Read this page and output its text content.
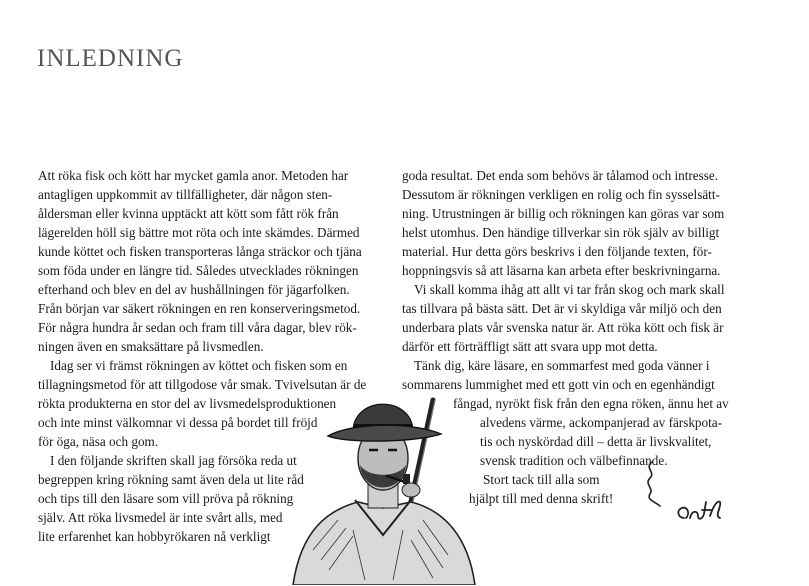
INLEDNING
Att röka fisk och kött har mycket gamla anor. Metoden har
antagligen uppkommit av tillfälligheter, där någon sten-
åldersman eller kvinna upptäckt att kött som fått rök från
lägerelden höll sig bättre mot röta och inte skämdes. Därmed
kunde köttet och fisken transporteras långa sträckor och tjäna
som föda under en längre tid. Således utvecklades rökningen
efterhand och blev en del av hushållningen för jägarfolken.
Från början var säkert rökningen en ren konserveringsmetod.
För några hundra år sedan och fram till våra dagar, blev rök-
ningen även en smaksättare på livsmedlen.
Idag ser vi främst rökningen av köttet och fisken som en
tillagningsmetod för att tillgodose vår smak. Tvivelsutan är de
rökta produkterna en stor del av livsmedelsproduktionen
och inte minst välkomnar vi dessa på bordet till fröjd
för öga, näsa och gom.
I den följande skriften skall jag försöka reda ut
begreppen kring rökning samt även dela ut lite råd
och tips till den läsare som vill pröva på rökning
själv. Att röka livsmedel är inte svårt alls, med
lite erfarenhet kan hobbyrökaren nå verkligt
goda resultat. Det enda som behövs är tålamod och intresse.
Dessutom är rökningen verkligen en rolig och fin sysselsätt-
ning. Utrustningen är billig och rökningen kan göras var som
helst utomhus. Den händige tillverkar sin rök själv av billigt
material. Hur detta görs beskrivs i den följande texten, för-
hoppningsvis så att läsarna kan arbeta efter beskrivningarna.
Vi skall komma ihåg att allt vi tar från skog och mark skall
tas tillvara på bästa sätt. Det är vi skyldiga vår miljö och den
underbara plats vår svenska natur är. Att röka kött och fisk är
därför ett förträffligt sätt att svara upp mot detta.
Tänk dig, käre läsare, en sommarfest med goda vänner i
sommarens lummighet med ett gott vin och en egenhändigt
fångad, nyrökt fisk från den egna röken, ännu het av
alvedens värme, ackompanjerad av färskpota-
tis och nyskördad dill – detta är livskvalitet,
svensk tradition och välbefinnande.
Stort tack till alla som
hjälpt till med denna skrift!
